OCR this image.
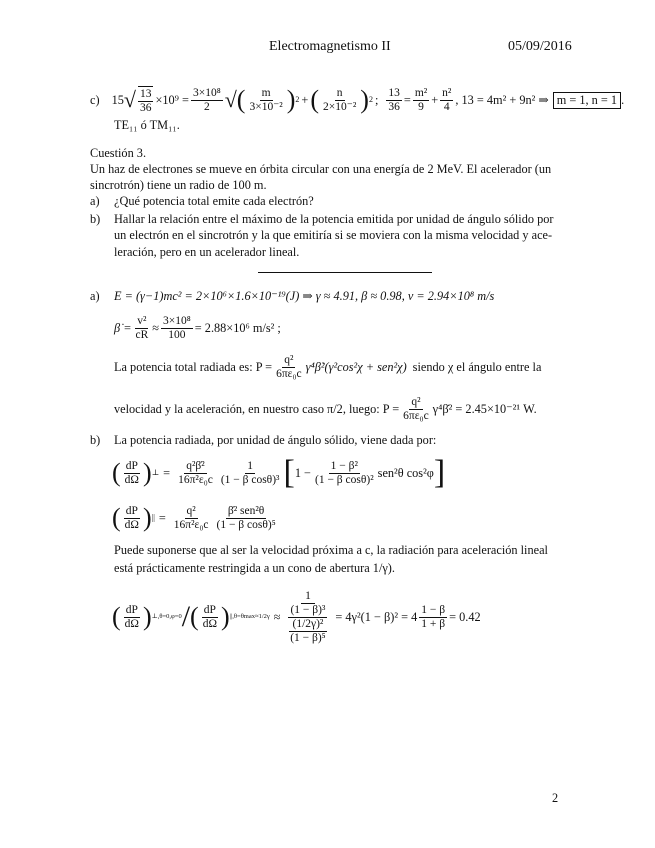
Electromagnetismo II	05/09/2016
c) 15 √ $\frac{13}{36} \times 10^9 = \frac{\text{3×10⁸}}{2}$ √ ( $\frac{m}{\text{3×10⁻²}}$ ) 2 + ( $\frac{n}{\text{2×10⁻²}}$ ) 2 ; $\frac{13}{36} = \frac{\text{m²}}{9} + \frac{\text{n²}}{4}$ , 13 = 4m² + 9n² ⇒ m = 1, n = 1 .
TE₁₁ ó TM₁₁.
Cuestión 3.
Un haz de electrones se mueve en órbita circular con una energía de 2 MeV. El acelerador (un
sincrotrón) tiene un radio de 100 m.
a) ¿Qué potencia total emite cada electrón?
b) Hallar la relación entre el máximo de la potencia emitida por unidad de ángulo sólido por
un electrón en el sincrotrón y la que emitiría si se moviera con la misma velocidad y ace-
leración, pero en un acelerador lineal.
a) E = (γ−1)mc² = 2×10⁶×1.6×10⁻¹⁹(J) ⇒ γ ≈ 4.91, β ≈ 0.98, v = 2.94×10⁸ m/s
β̇ = $\frac{\text{v²}}{cR} \approx \frac{\text{3×10⁸}}{100} = 2.88\times 10^6$ m/s² ;
La potencia total radiada es: $P = \frac{\text{q²}}{\text{6πε₀c}}$ γ⁴β̇²(γ²cos²χ + sen²χ) siendo χ el ángulo entre la
velocidad y la aceleración, en nuestro caso π/2, luego: $P = \frac{\text{q²}}{\text{6πε₀c}}$ γ⁴β̇² = 2.45×10⁻²¹ W.
b) La potencia radiada, por unidad de ángulo sólido, viene dada por:
( $\frac{dP}{d\Omega}$ ) ⊥ = $\frac{\text{q²β̇²}}{\text{16π²ε₀c}} \frac{1}{\text{(1 − β cosθ)³}}$ [ $1 - \frac{\text{1 − β²}}{\text{(1 − β cosθ)²}} sen^2\theta$ cos²φ ]
( $\frac{dP}{d\Omega}$ ) || = $\frac{\text{q²}}{\text{16π²ε₀c}} \frac{\text{β̇² sen²θ}}{\text{(1 − β cosθ)⁵}}$
Puede suponerse que al ser la velocidad próxima a c, la radiación para aceleración lineal
está prácticamente restringida a un cono de abertura 1/γ).
( $\frac{dP}{d\Omega}$ ) ⊥,θ=0,φ=0 / ( $\frac{dP}{d\Omega}$ ) ||,θ=θmax≈1/2γ ≈ 1
(1 − β)³
$\frac{\text{(1/2γ)²}}{\text{(1 − β)⁵}} = 4\gamma^2(1 - \beta)^2 = 4 \frac{1 - \beta}{1 + \beta} = 0.42$
2
